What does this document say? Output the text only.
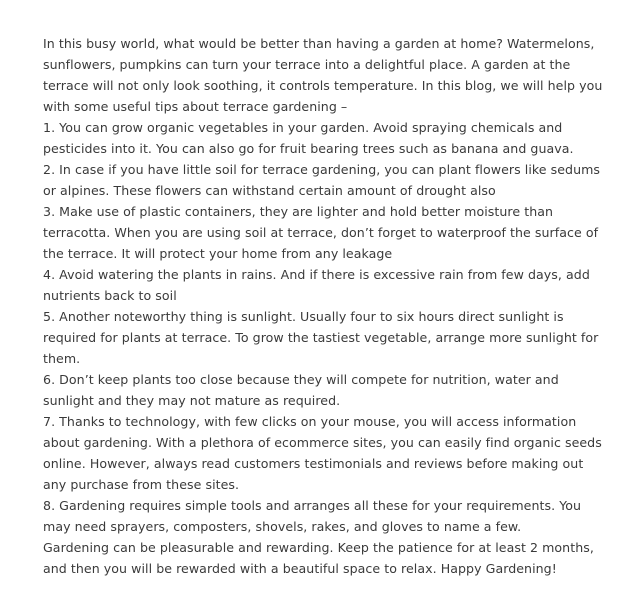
In this busy world, what would be better than having a garden at home? Watermelons, sunflowers, pumpkins can turn your terrace into a delightful place. A garden at the terrace will not only look soothing, it controls temperature. In this blog, we will help you with some useful tips about terrace gardening –

1. You can grow organic vegetables in your garden. Avoid spraying chemicals and pesticides into it. You can also go for fruit bearing trees such as banana and guava.

2. In case if you have little soil for terrace gardening, you can plant flowers like sedums or alpines. These flowers can withstand certain amount of drought also

3. Make use of plastic containers, they are lighter and hold better moisture than terracotta. When you are using soil at terrace, don’t forget to waterproof the surface of the terrace. It will protect your home from any leakage

4. Avoid watering the plants in rains. And if there is excessive rain from few days, add nutrients back to soil

5. Another noteworthy thing is sunlight. Usually four to six hours direct sunlight is required for plants at terrace. To grow the tastiest vegetable, arrange more sunlight for them.

6. Don’t keep plants too close because they will compete for nutrition, water and sunlight and they may not mature as required.

7. Thanks to technology, with few clicks on your mouse, you will access information about gardening. With a plethora of ecommerce sites, you can easily find organic seeds online. However, always read customers testimonials and reviews before making out any purchase from these sites.

8. Gardening requires simple tools and arranges all these for your requirements. You may need sprayers, composters, shovels, rakes, and gloves to name a few.

Gardening can be pleasurable and rewarding. Keep the patience for at least 2 months, and then you will be rewarded with a beautiful space to relax. Happy Gardening!
